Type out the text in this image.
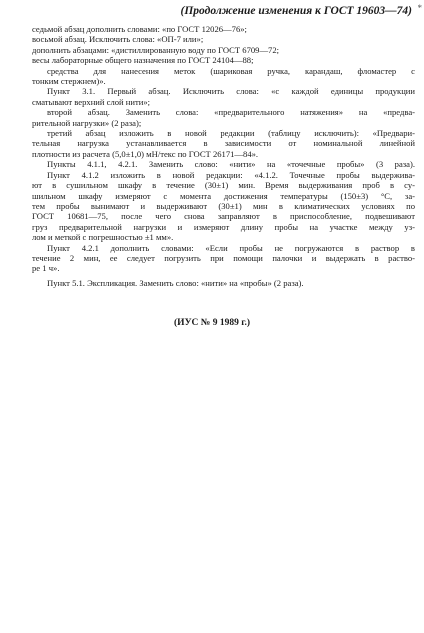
(Продолжение изменения к ГОСТ 19603—74) *

седьмой абзац дополнить словами: «по ГОСТ 12026—76»;

восьмой абзац. Исключить слова: «ОП-7 или»;

дополнить абзацами: «дистиллированную воду по ГОСТ 6709—72;

весы лабораторные общего назначения по ГОСТ 24104—88;

средства для нанесения меток (шариковая ручка, карандаш, фломастер с

тонким стержнем)».

Пункт 3.1. Первый абзац. Исключить слова: «с каждой единицы продукции

сматывают верхний слой нити»;

второй абзац. Заменить слова: «предварительного натяжения» на «предва-

рительной нагрузки» (2 раза);

третий абзац изложить в новой редакции (таблицу исключить): «Предвари-

тельная нагрузка устанавливается в зависимости от номинальной линейной

плотности из расчета (5,0±1,0) мН/текс по ГОСТ 26171—84».

Пункты 4.1.1, 4.2.1. Заменить слово: «нити» на «точечные пробы» (3 раза).

Пункт 4.1.2 изложить в новой редакции: «4.1.2. Точечные пробы выдержива-

ют в сушильном шкафу в течение (30±1) мин. Время выдерживания проб в су-

шильном шкафу измеряют с момента достижения температуры (150±3) °С, за-

тем пробы вынимают и выдерживают (30±1) мин в климатических условиях по

ГОСТ 10681—75, после чего снова заправляют в приспособление, подвешивают

груз предварительной нагрузки и измеряют длину пробы на участке между уз-

лом и меткой с погрешностью ±1 мм».

Пункт 4.2.1 дополнить словами: «Если пробы не погружаются в раствор в

течение 2 мин, ее следует погрузить при помощи палочки и выдержать в раство-

ре 1 ч».

Пункт 5.1. Экспликация. Заменить слово: «нити» на «пробы» (2 раза).

(ИУС № 9 1989 г.)
